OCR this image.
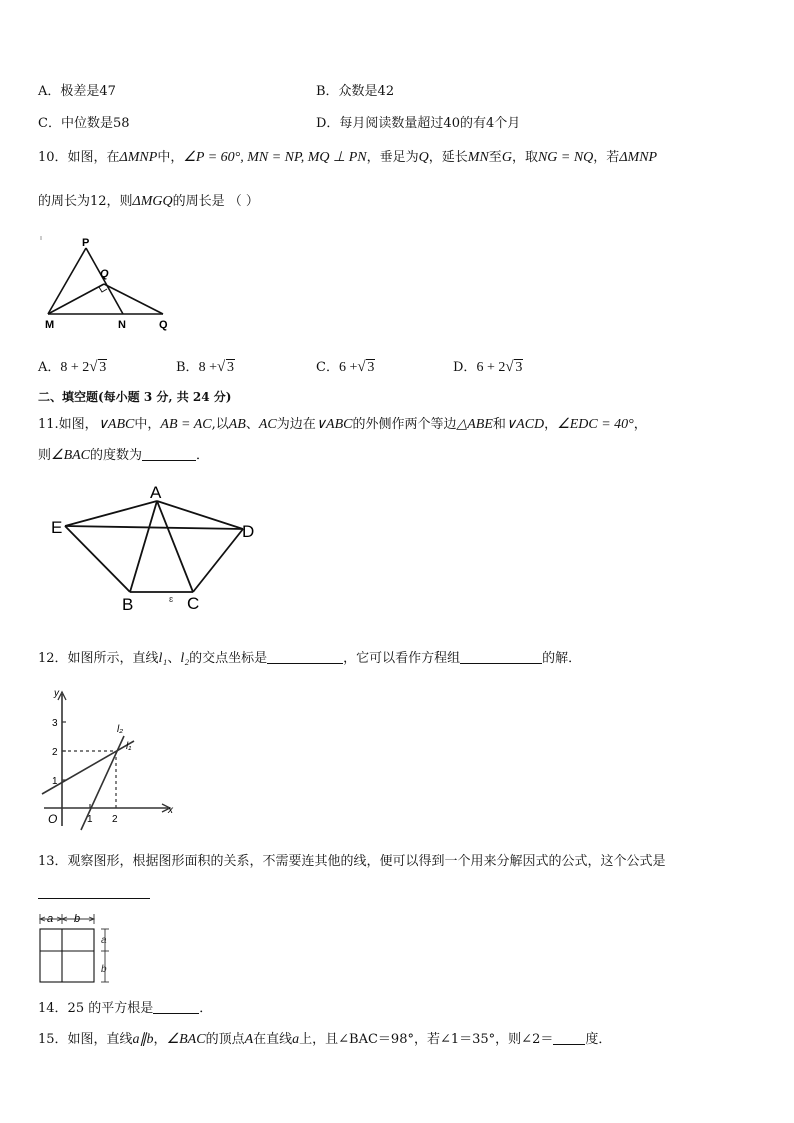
A．极差是47	B．众数是42
C．中位数是58	D．每月阅读数量超过40的有4个月
10．如图，在ΔMNP中，∠P = 60°, MN = NP, MQ ⊥ PN，垂足为Q，延长MN至G，取NG = NQ，若ΔMNP
的周长为12，则ΔMGQ的周长是 （ ）
P
Q
M	N	Q
A．8 + 2 √ 3	B．8 + √ 3	C．6 + √ 3	D．6 + 2 √ 3
二、填空题(每小题 3 分, 共 24 分)
11.如图，∨ABC中，AB = AC,以AB、AC为边在∨ABC的外侧作两个等边△ABE和∨ACD，∠EDC = 40°，
则∠BAC的度数为	．
ɛ
A
E	D
B	C
12．如图所示，直线l₁、l₂的交点坐标是	，它可以看作方程组	的解．
y
x
O
3
2
1
1 2
l₂
l₁
13．观察图形，根据图形面积的关系，不需要连其他的线，便可以得到一个用来分解因式的公式，这个公式是
a b
a
b
14．25 的平方根是	．
15．如图，直线a∥b，∠BAC的顶点A在直线a上，且∠BAC＝98°，若∠1＝35°，则∠2＝ 度．
